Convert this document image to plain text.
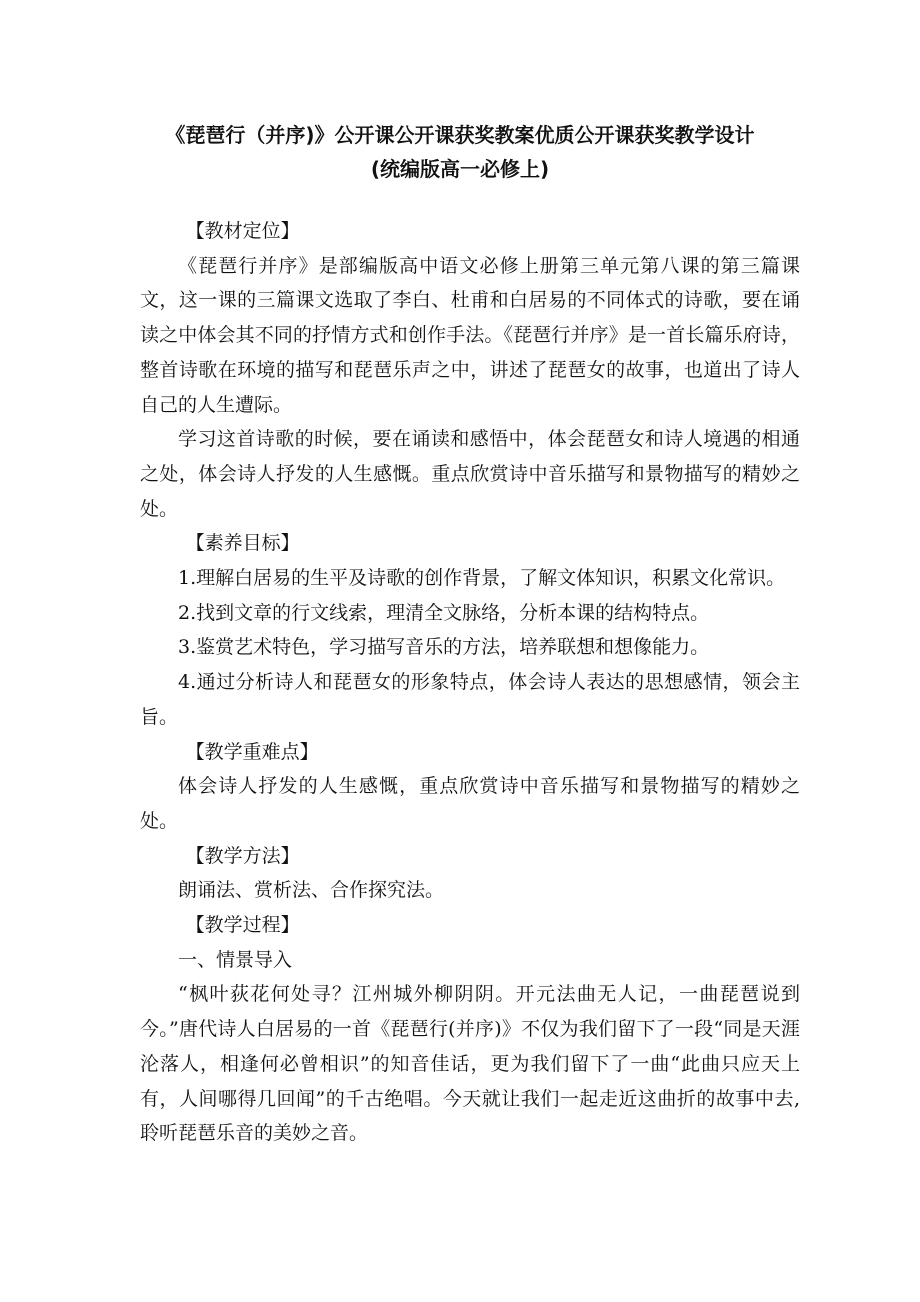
《琵琶行（并序)》公开课公开课获奖教案优质公开课获奖教学设计
(统编版高一必修上)

【教材定位】

《琵琶行并序》是部编版高中语文必修上册第三单元第八课的第三篇课文，这一课的三篇课文选取了李白、杜甫和白居易的不同体式的诗歌，要在诵读之中体会其不同的抒情方式和创作手法。《琵琶行并序》是一首长篇乐府诗，整首诗歌在环境的描写和琵琶乐声之中，讲述了琵琶女的故事，也道出了诗人自己的人生遭际。

学习这首诗歌的时候，要在诵读和感悟中，体会琵琶女和诗人境遇的相通之处，体会诗人抒发的人生感慨。重点欣赏诗中音乐描写和景物描写的精妙之处。

【素养目标】

1.理解白居易的生平及诗歌的创作背景，了解文体知识，积累文化常识。

2.找到文章的行文线索，理清全文脉络，分析本课的结构特点。

3.鉴赏艺术特色，学习描写音乐的方法，培养联想和想像能力。

4.通过分析诗人和琵琶女的形象特点，体会诗人表达的思想感情，领会主旨。

【教学重难点】

体会诗人抒发的人生感慨，重点欣赏诗中音乐描写和景物描写的精妙之处。

【教学方法】

朗诵法、赏析法、合作探究法。

【教学过程】

一、情景导入

“枫叶荻花何处寻？江州城外柳阴阴。开元法曲无人记，一曲琵琶说到今。”唐代诗人白居易的一首《琵琶行(并序)》不仅为我们留下了一段“同是天涯沦落人，相逢何必曾相识”的知音佳话，更为我们留下了一曲“此曲只应天上有，人间哪得几回闻”的千古绝唱。今天就让我们一起走近这曲折的故事中去,聆听琵琶乐音的美妙之音。
